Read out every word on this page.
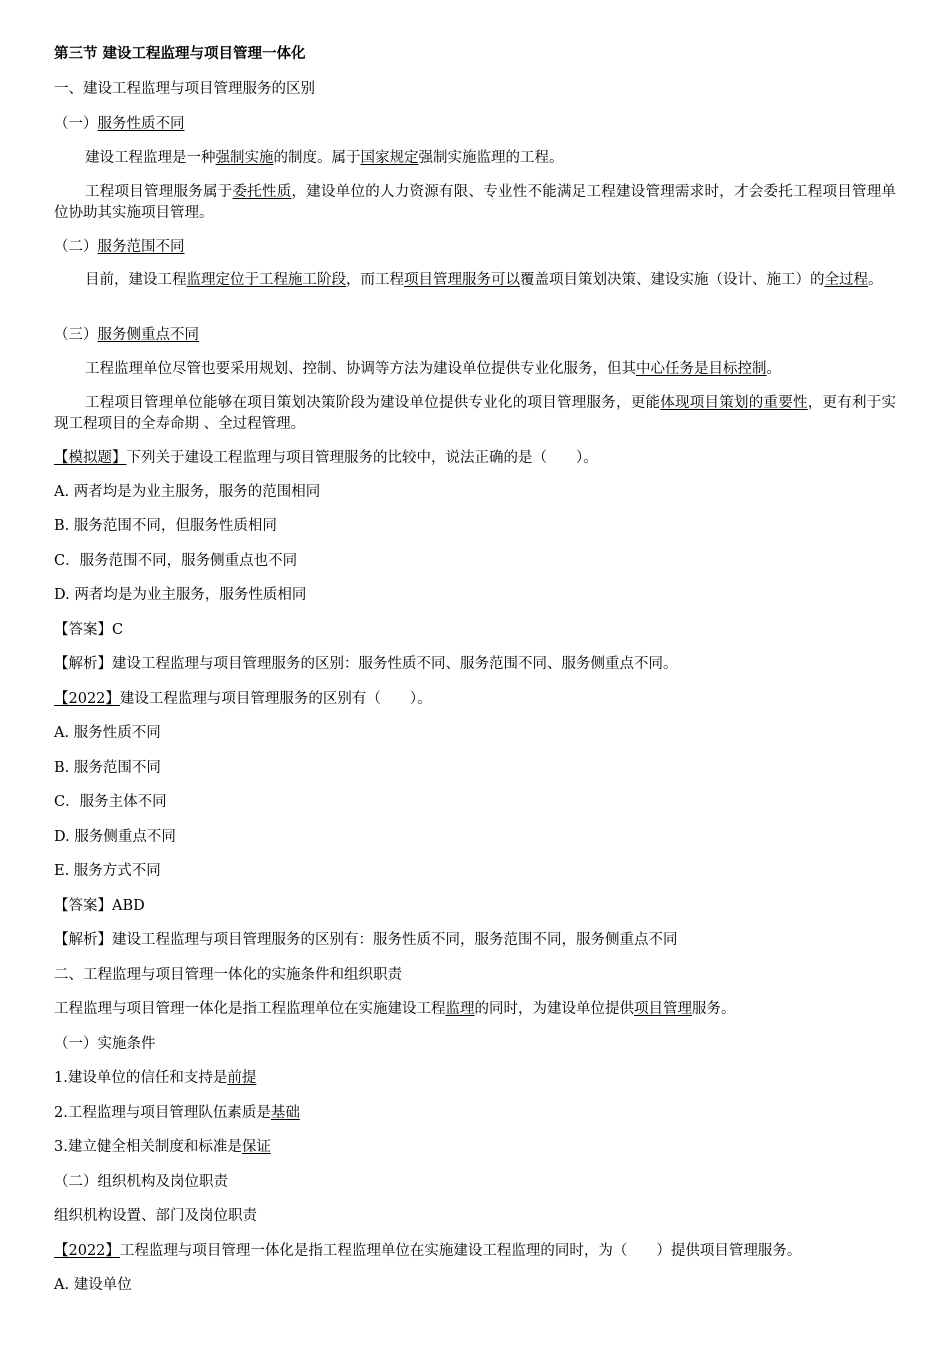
第三节 建设工程监理与项目管理一体化
一、建设工程监理与项目管理服务的区别
（一）服务性质不同
建设工程监理是一种强制实施的制度。属于国家规定强制实施监理的工程。
工程项目管理服务属于委托性质，建设单位的人力资源有限、专业性不能满足工程建设管理需求时，才会委托工程项目管理单位协助其实施项目管理。
（二）服务范围不同
目前，建设工程监理定位于工程施工阶段，而工程项目管理服务可以覆盖项目策划决策、建设实施（设计、施工）的全过程。
（三）服务侧重点不同
工程监理单位尽管也要采用规划、控制、协调等方法为建设单位提供专业化服务，但其中心任务是目标控制。
工程项目管理单位能够在项目策划决策阶段为建设单位提供专业化的项目管理服务，更能体现项目策划的重要性，更有利于实现工程项目的全寿命期 、全过程管理。
【模拟题】下列关于建设工程监理与项目管理服务的比较中，说法正确的是（　　）。
A. 两者均是为业主服务，服务的范围相同
B. 服务范围不同，但服务性质相同
C．服务范围不同，服务侧重点也不同
D. 两者均是为业主服务，服务性质相同
【答案】C
【解析】建设工程监理与项目管理服务的区别：服务性质不同、服务范围不同、服务侧重点不同。
【2022】建设工程监理与项目管理服务的区别有（　　）。
A. 服务性质不同
B. 服务范围不同
C．服务主体不同
D. 服务侧重点不同
E. 服务方式不同
【答案】ABD
【解析】建设工程监理与项目管理服务的区别有：服务性质不同，服务范围不同，服务侧重点不同
二、工程监理与项目管理一体化的实施条件和组织职责
工程监理与项目管理一体化是指工程监理单位在实施建设工程监理的同时，为建设单位提供项目管理服务。
（一）实施条件
1.建设单位的信任和支持是前提
2.工程监理与项目管理队伍素质是基础
3.建立健全相关制度和标准是保证
（二）组织机构及岗位职责
组织机构设置、部门及岗位职责
【2022】工程监理与项目管理一体化是指工程监理单位在实施建设工程监理的同时，为（　　）提供项目管理服务。
A. 建设单位
